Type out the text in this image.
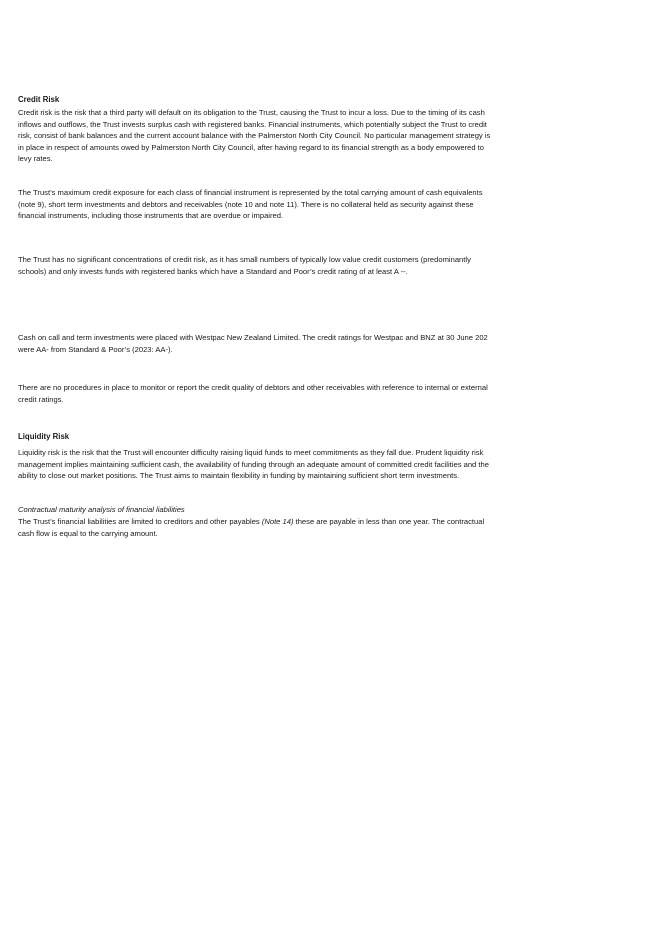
Credit Risk

Credit risk is the risk that a third party will default on its obligation to the Trust, causing the Trust to incur a loss. Due to the timing of its cash inflows and outflows, the Trust invests surplus cash with registered banks. Financial instruments, which potentially subject the Trust to credit risk, consist of bank balances and the current account balance with the Palmerston North City Council. No particular management strategy is in place in respect of amounts owed by Palmerston North City Council, after having regard to its financial strength as a body empowered to levy rates.

The Trust’s maximum credit exposure for each class of financial instrument is represented by the total carrying amount of cash equivalents (note 9), short term investments and debtors and receivables (note 10 and note 11). There is no collateral held as security against these financial instruments, including those instruments that are overdue or impaired.

The Trust has no significant concentrations of credit risk, as it has small numbers of typically low value credit customers (predominantly schools) and only invests funds with registered banks which have a Standard and Poor’s credit rating of at least A --.

Cash on call and term investments were placed with Westpac New Zealand Limited. The credit ratings for Westpac and BNZ at 30 June 202 were AA- from Standard & Poor’s (2023: AA-).

There are no procedures in place to monitor or report the credit quality of debtors and other receivables with reference to internal or external credit ratings.

Liquidity Risk

Liquidity risk is the risk that the Trust will encounter difficulty raising liquid funds to meet commitments as they fall due. Prudent liquidity risk management implies maintaining sufficient cash, the availability of funding through an adequate amount of committed credit facilities and the ability to close out market positions. The Trust aims to maintain flexibility in funding by maintaining sufficient short term investments.

Contractual maturity analysis of financial liabilities

The Trust’s financial liabilities are limited to creditors and other payables (Note 14) these are payable in less than one year. The contractual cash flow is equal to the carrying amount.
